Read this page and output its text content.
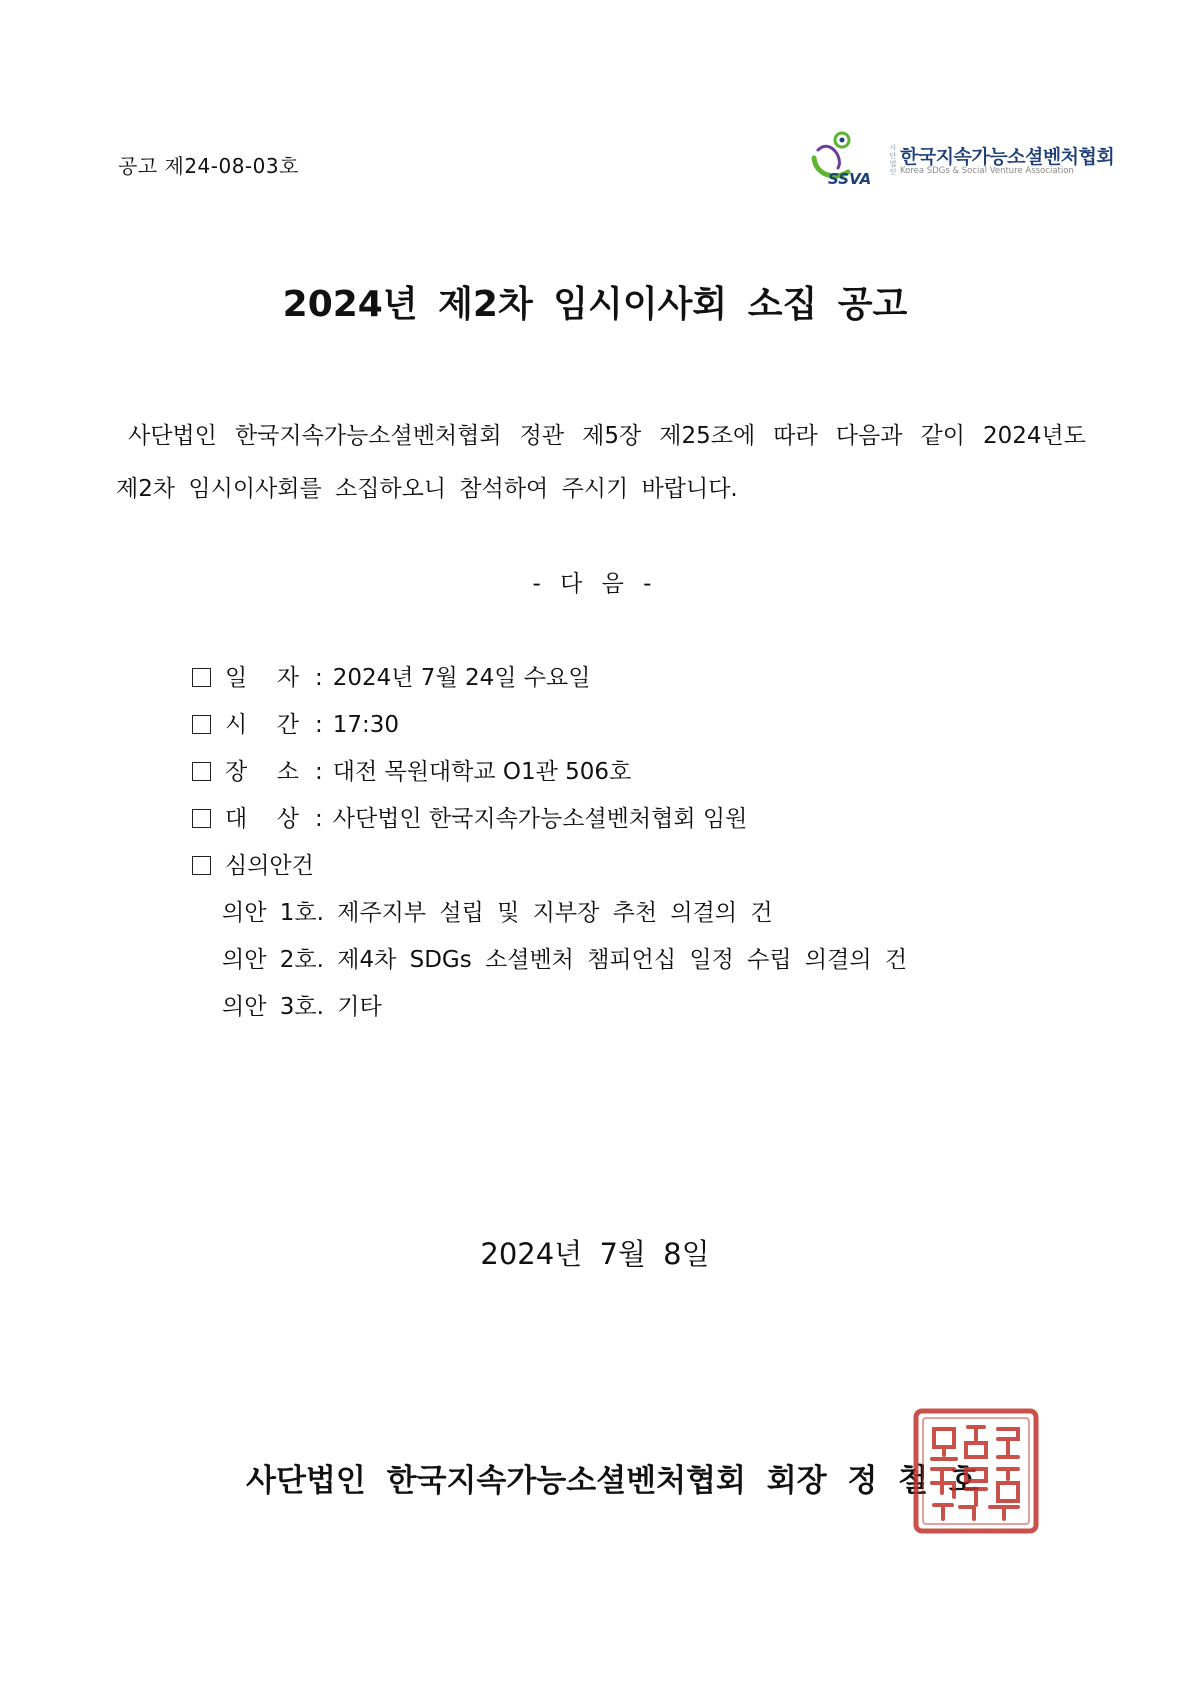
공고 제24-08-03호
SSVA
사단법인 한국지속가능소셜벤처협회
Korea SDGs & Social Venture Association
2024년 제2차 임시이사회 소집 공고
사단법인 한국지속가능소셜벤처협회 정관 제5장 제25조에 따라 다음과 같이 2024년도
제2차 임시이사회를 소집하오니 참석하여 주시기 바랍니다.
- 다 음 -
일 자 : 2024년 7월 24일 수요일
시 간 : 17:30
장 소 : 대전 목원대학교 O1관 506호
대 상 : 사단법인 한국지속가능소셜벤처협회 임원
심의안건
의안 1호. 제주지부 설립 및 지부장 추천 의결의 건
의안 2호. 제4차 SDGs 소셜벤처 챔피언십 일정 수립 의결의 건
의안 3호. 기타
2024년 7월 8일
사단법인 한국지속가능소셜벤처협회 회장 정 철 호
